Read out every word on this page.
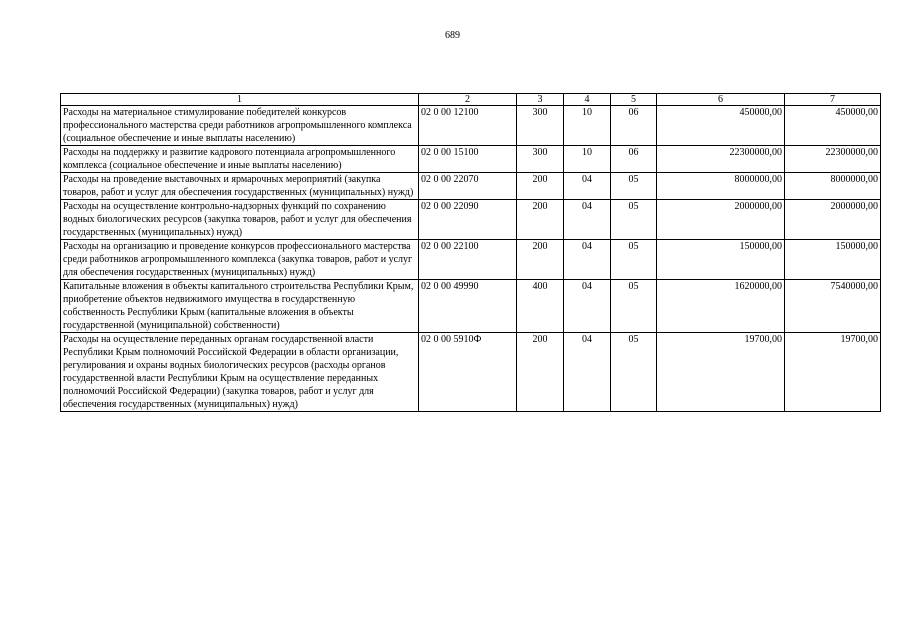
689
1	2	3	4	5	6	7
Расходы на материальное стимулирование победителей конкурсов профессионального мастерства среди работников агропромышленного комплекса (социальное обеспечение и иные выплаты населению)	02 0 00 12100	300	10	06	450000,00	450000,00
Расходы на поддержку и развитие кадрового потенциала агропромышленного комплекса (социальное обеспечение и иные выплаты населению)	02 0 00 15100	300	10	06	22300000,00	22300000,00
Расходы на проведение выставочных и ярмарочных мероприятий (закупка товаров, работ и услуг для обеспечения государственных (муниципальных) нужд)	02 0 00 22070	200	04	05	8000000,00	8000000,00
Расходы на осуществление контрольно-надзорных функций по сохранению водных биологических ресурсов (закупка товаров, работ и услуг для обеспечения государственных (муниципальных) нужд)	02 0 00 22090	200	04	05	2000000,00	2000000,00
Расходы на организацию и проведение конкурсов профессионального мастерства среди работников агропромышленного комплекса (закупка товаров, работ и услуг для обеспечения государственных (муниципальных) нужд)	02 0 00 22100	200	04	05	150000,00	150000,00
Капитальные вложения в объекты капитального строительства Республики Крым, приобретение объектов недвижимого имущества в государственную собственность Республики Крым (капитальные вложения в объекты государственной (муниципальной) собственности)	02 0 00 49990	400	04	05	1620000,00	7540000,00
Расходы на осуществление переданных органам государственной власти Республики Крым полномочий Российской Федерации в области организации, регулирования и охраны водных биологических ресурсов (расходы органов государственной власти Республики Крым на осуществление переданных полномочий Российской Федерации) (закупка товаров, работ и услуг для обеспечения государственных (муниципальных) нужд)	02 0 00 5910Ф	200	04	05	19700,00	19700,00
